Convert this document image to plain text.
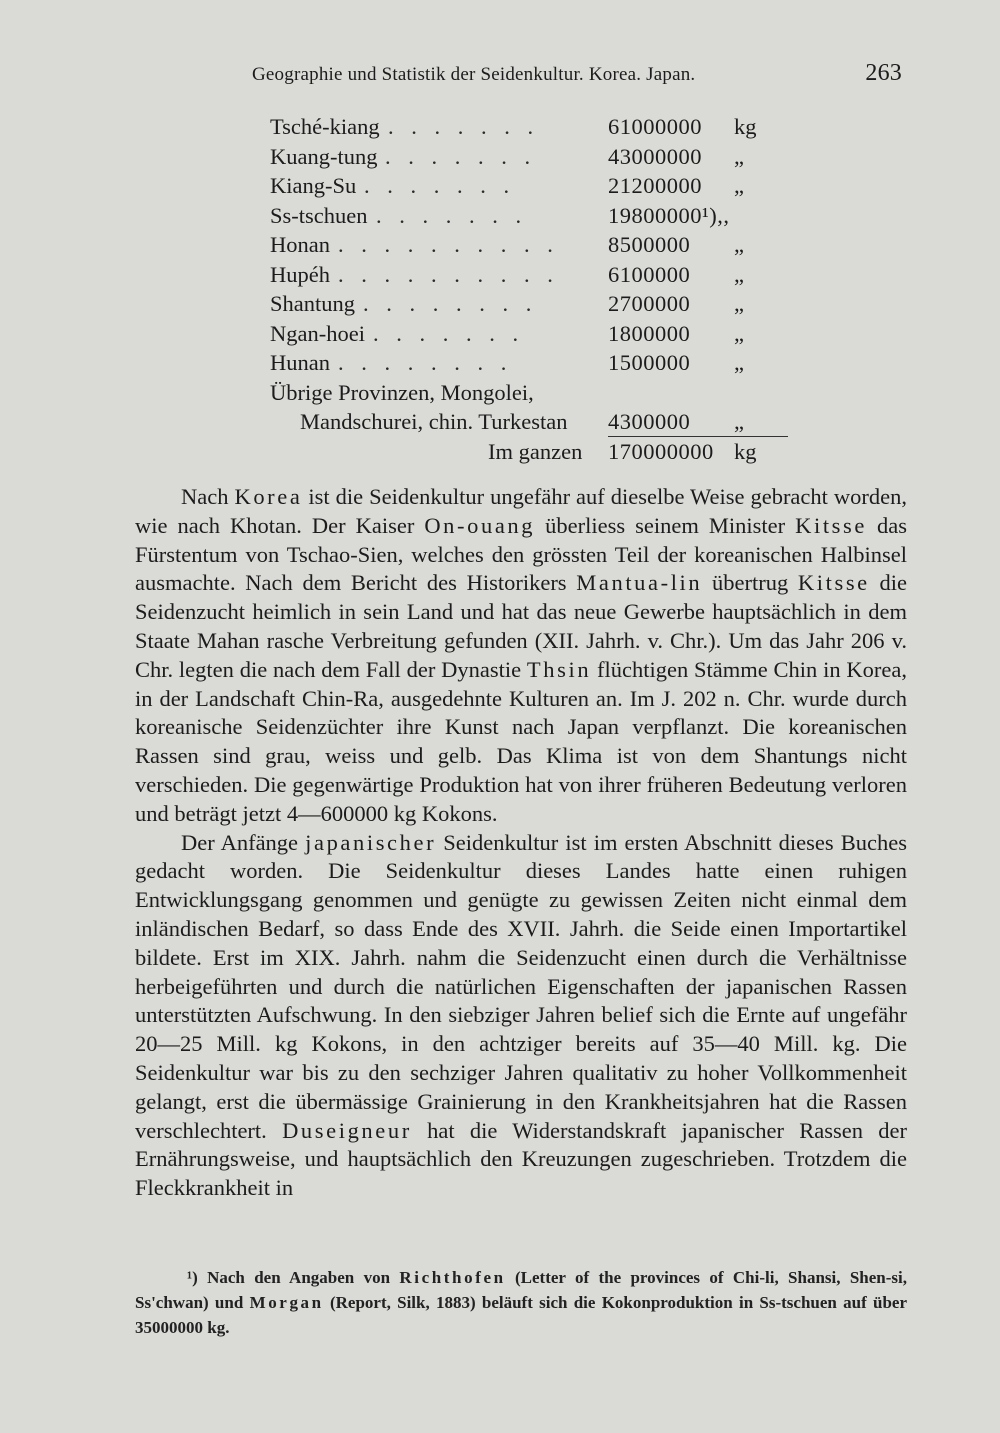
Geographie und Statistik der Seidenkultur. Korea. Japan.	263
Tsché-kiang	61000000 kg
. . . . . . .
Kuang-tung	43000000 „
. . . . . . .
Kiang-Su	21200000 „
. . . . . . .
Ss-tschuen	19800000¹),,
. . . . . . .
Honan	8500000 „
. . . . . . . . . .
Hupéh	6100000 „
. . . . . . . . . .
Shantung	2700000 „
. . . . . . . .
Ngan-hoei	1800000 „
. . . . . . .
Hunan	1500000 „
. . . . . . . .
Übrige Provinzen, Mongolei,
Mandschurei, chin. Turkestan 4300000 „
Im ganzen 170000000 kg

Nach Korea ist die Seidenkultur ungefähr auf dieselbe Weise gebracht worden, wie nach Khotan. Der Kaiser On-ouang überliess seinem Minister Kitsse das Fürstentum von Tschao-Sien, welches den grössten Teil der koreanischen Halbinsel ausmachte. Nach dem Bericht des Historikers Mantua-lin übertrug Kitsse die Seidenzucht heimlich in sein Land und hat das neue Gewerbe hauptsächlich in dem Staate Mahan rasche Verbreitung gefunden (XII. Jahrh. v. Chr.). Um das Jahr 206 v. Chr. legten die nach dem Fall der Dynastie Thsin flüchtigen Stämme Chin in Korea, in der Landschaft Chin-Ra, ausgedehnte Kulturen an. Im J. 202 n. Chr. wurde durch koreanische Seidenzüchter ihre Kunst nach Japan verpflanzt. Die koreanischen Rassen sind grau, weiss und gelb. Das Klima ist von dem Shantungs nicht verschieden. Die gegenwärtige Produktion hat von ihrer früheren Bedeutung verloren und beträgt jetzt 4—600000 kg Kokons.

Der Anfänge japanischer Seidenkultur ist im ersten Abschnitt dieses Buches gedacht worden. Die Seidenkultur dieses Landes hatte einen ruhigen Entwicklungsgang genommen und genügte zu gewissen Zeiten nicht einmal dem inländischen Bedarf, so dass Ende des XVII. Jahrh. die Seide einen Importartikel bildete. Erst im XIX. Jahrh. nahm die Seidenzucht einen durch die Verhältnisse herbeigeführten und durch die natürlichen Eigenschaften der japanischen Rassen unterstützten Aufschwung. In den siebziger Jahren belief sich die Ernte auf ungefähr 20—25 Mill. kg Kokons, in den achtziger bereits auf 35—40 Mill. kg. Die Seidenkultur war bis zu den sechziger Jahren qualitativ zu hoher Vollkommenheit gelangt, erst die übermässige Grainierung in den Krankheitsjahren hat die Rassen verschlechtert. Duseigneur hat die Widerstandskraft japanischer Rassen der Ernährungsweise, und hauptsächlich den Kreuzungen zugeschrieben. Trotzdem die Fleckkrankheit in

¹) Nach den Angaben von Richthofen (Letter of the provinces of Chi-li, Shansi, Shen-si, Ss'chwan) und Morgan (Report, Silk, 1883) beläuft sich die Kokonproduktion in Ss-tschuen auf über 35000000 kg.
